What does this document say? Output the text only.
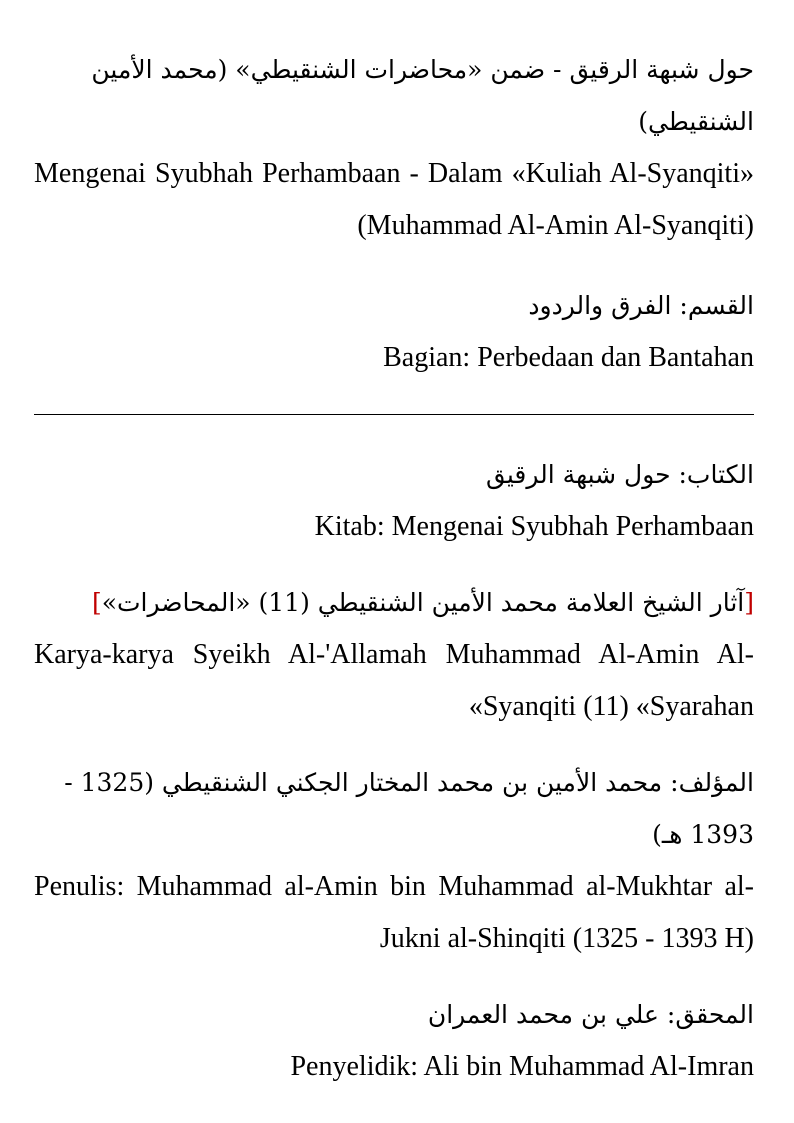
حول شبهة الرقيق - ضمن «محاضرات الشنقيطي» (محمد الأمين الشنقيطي)

Mengenai Syubhah Perhambaan - Dalam «Kuliah Al-Syanqiti» (Muhammad Al-Amin Al-Syanqiti)

القسم: الفرق والردود

Bagian: Perbedaan dan Bantahan

الكتاب: حول شبهة الرقيق

Kitab: Mengenai Syubhah Perhambaan

[آثار الشيخ العلامة محمد الأمين الشنقيطي (11) «المحاضرات»]

Karya-karya Syeikh Al-'Allamah Muhammad Al-Amin Al-Syanqiti (11) «Syarahan»

المؤلف: محمد الأمين بن محمد المختار الجكني الشنقيطي (1325 - 1393 هـ)

Penulis: Muhammad al-Amin bin Muhammad al-Mukhtar al-Jukni al-Shinqiti (1325 - 1393 H)

المحقق: علي بن محمد العمران

Penyelidik: Ali bin Muhammad Al-Imran
